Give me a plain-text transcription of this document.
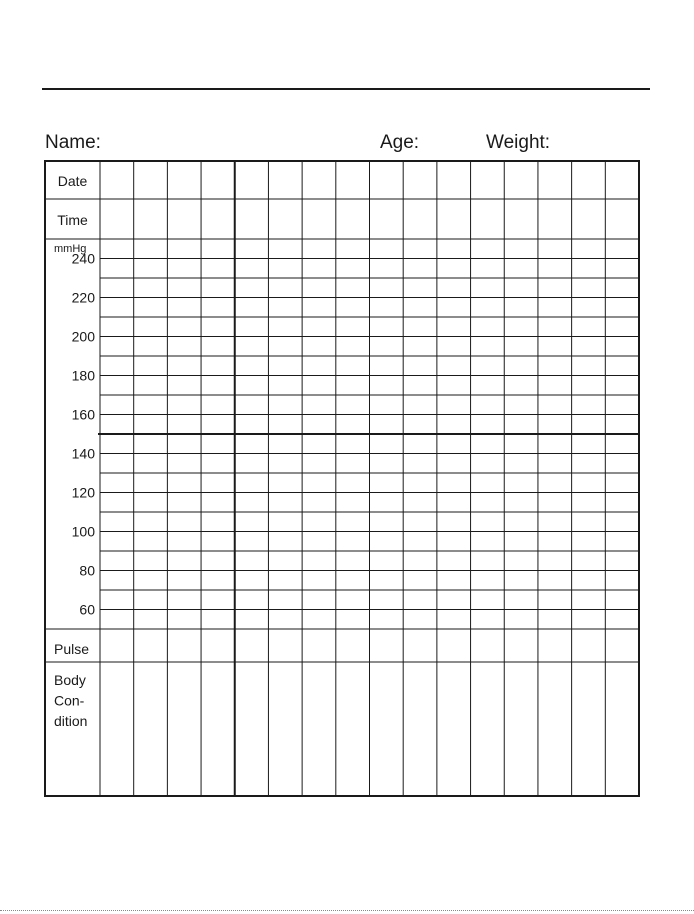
Name:	Age:	Weight:
Date
Time
mmHg
240
220
200
180
160
140
120
100
80
60
Pulse
Body
Con-
dition
